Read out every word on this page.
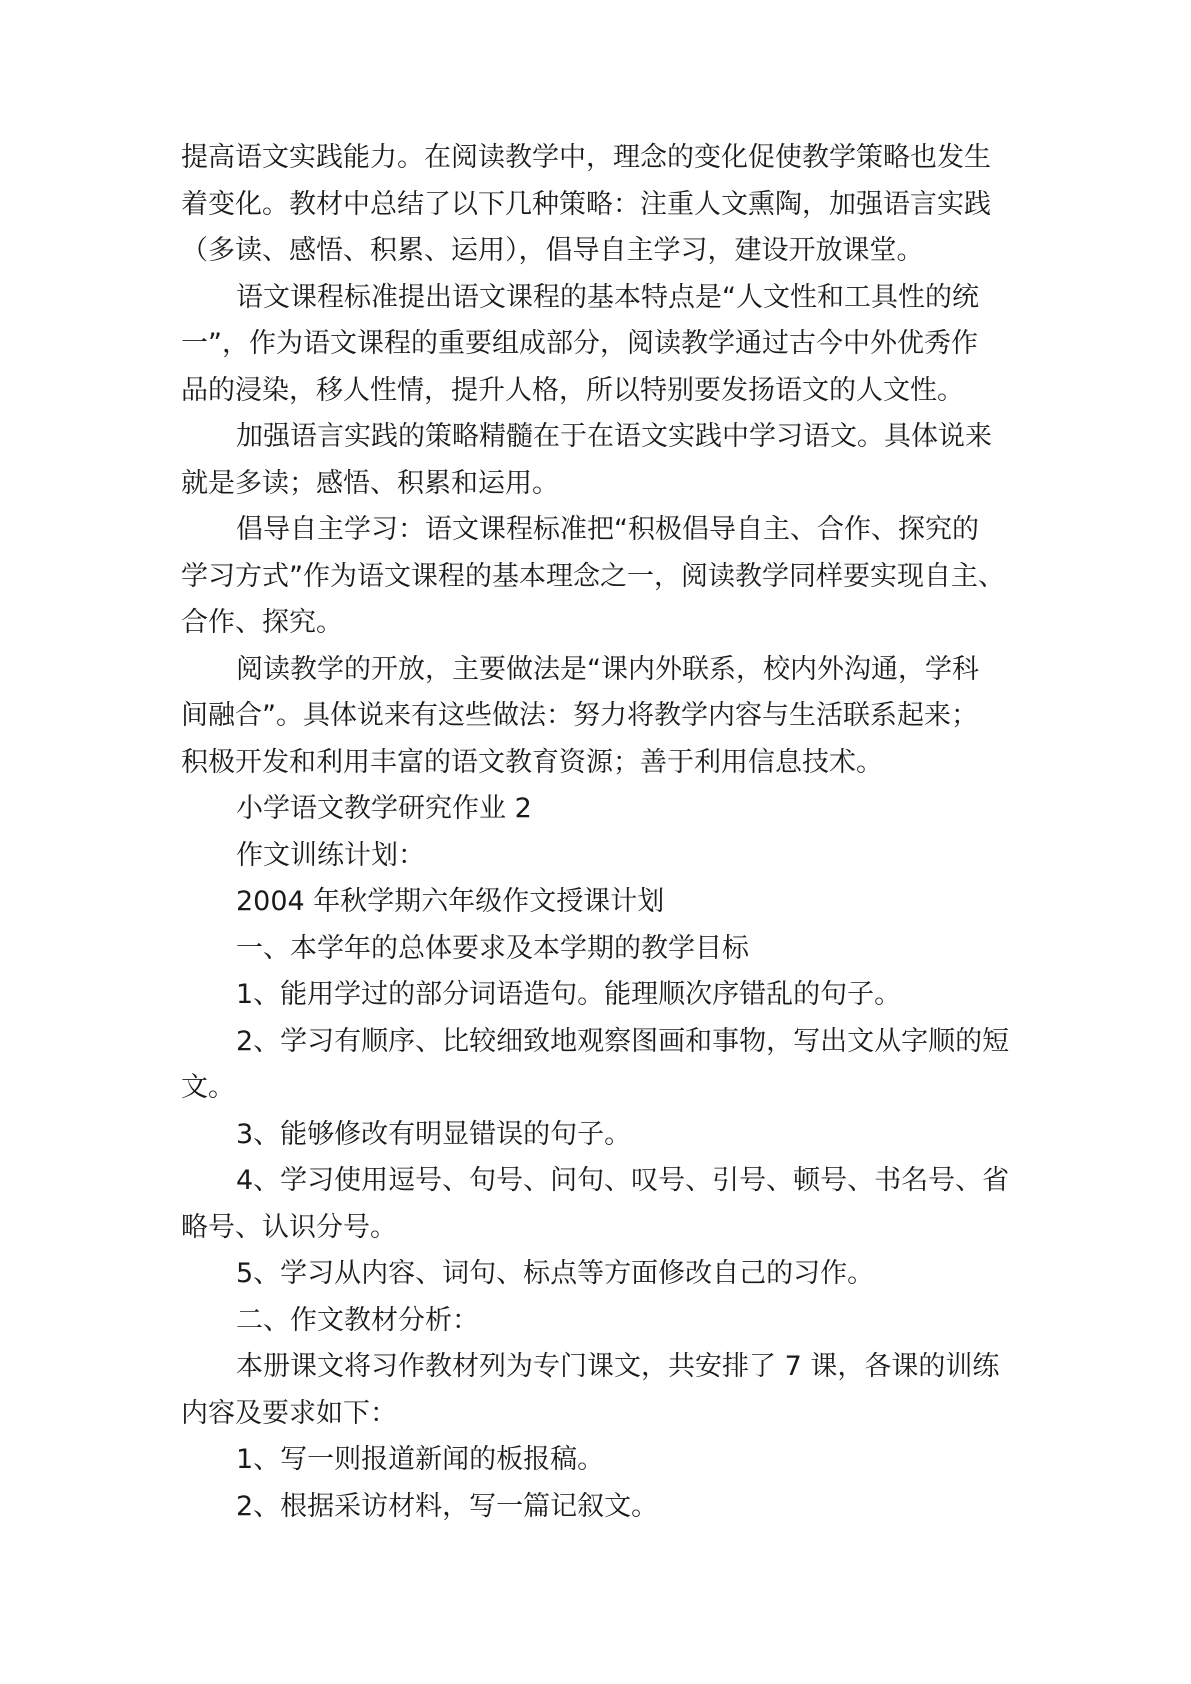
提高语文实践能力。在阅读教学中，理念的变化促使教学策略也发生
着变化。教材中总结了以下几种策略：注重人文熏陶，加强语言实践
（多读、感悟、积累、运用），倡导自主学习，建设开放课堂。
语文课程标准提出语文课程的基本特点是“人文性和工具性的统
一”，作为语文课程的重要组成部分，阅读教学通过古今中外优秀作
品的浸染，移人性情，提升人格，所以特别要发扬语文的人文性。
加强语言实践的策略精髓在于在语文实践中学习语文。具体说来
就是多读；感悟、积累和运用。
倡导自主学习：语文课程标准把“积极倡导自主、合作、探究的
学习方式”作为语文课程的基本理念之一，阅读教学同样要实现自主、
合作、探究。
阅读教学的开放，主要做法是“课内外联系，校内外沟通，学科
间融合”。具体说来有这些做法：努力将教学内容与生活联系起来；
积极开发和利用丰富的语文教育资源；善于利用信息技术。
小学语文教学研究作业 2
作文训练计划：
2004 年秋学期六年级作文授课计划
一、本学年的总体要求及本学期的教学目标
1、能用学过的部分词语造句。能理顺次序错乱的句子。
2、学习有顺序、比较细致地观察图画和事物，写出文从字顺的短
文。
3、能够修改有明显错误的句子。
4、学习使用逗号、句号、问句、叹号、引号、顿号、书名号、省
略号、认识分号。
5、学习从内容、词句、标点等方面修改自己的习作。
二、作文教材分析：
本册课文将习作教材列为专门课文，共安排了 7 课，各课的训练
内容及要求如下：
1、写一则报道新闻的板报稿。
2、根据采访材料，写一篇记叙文。
